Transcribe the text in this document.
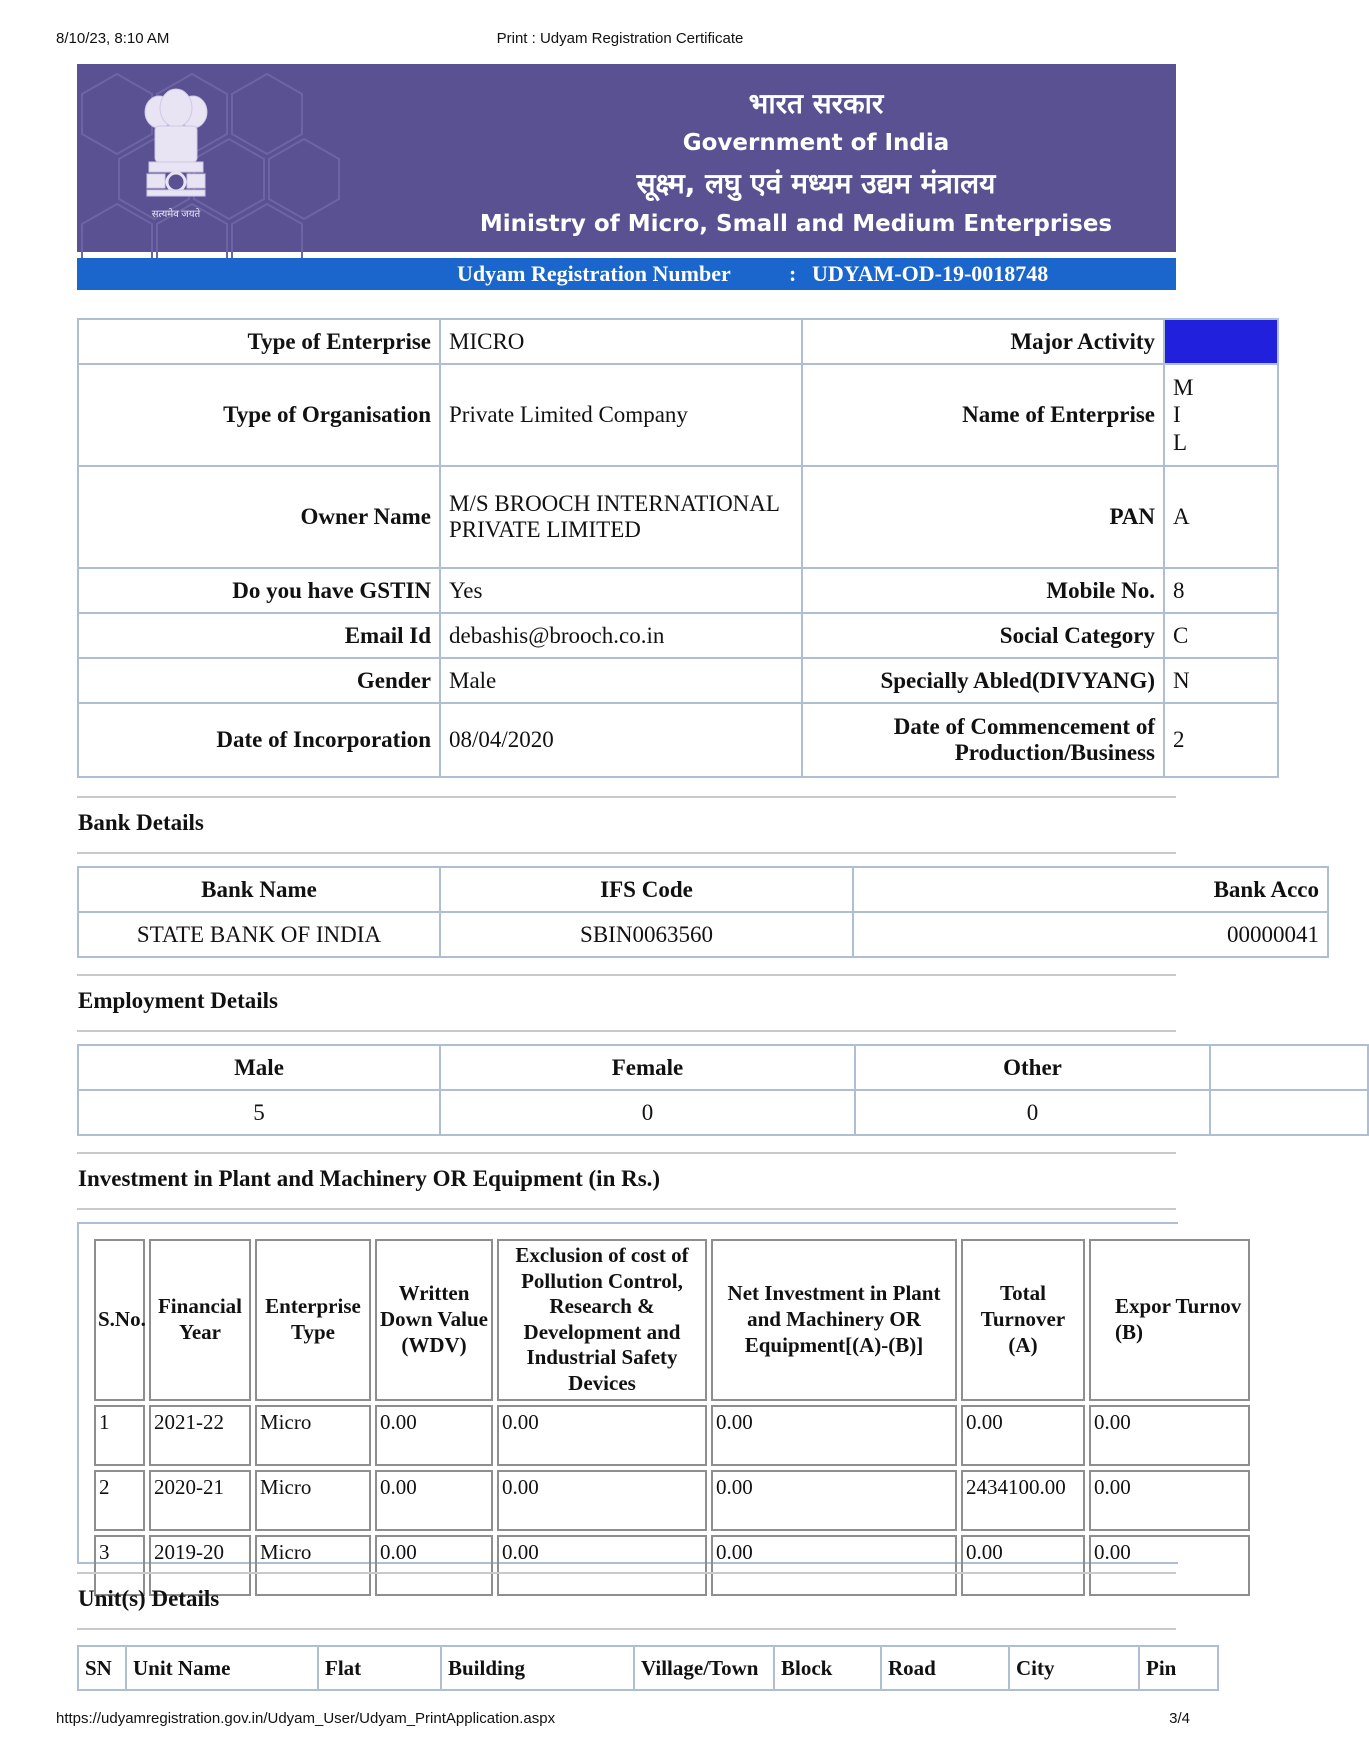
8/10/23, 8:10 AM	Print : Udyam Registration Certificate
सत्यमेव जयते
भारत सरकार
Government of India
सूक्ष्म, लघु एवं मध्यम उद्यम मंत्रालय
Ministry of Micro, Small and Medium Enterprises
Udyam Registration Number	: UDYAM-OD-19-0018748
Type of Enterprise	MICRO	Major Activity	
Type of Organisation	Private Limited Company	Name of Enterprise	M
I
L
Owner Name	M/S BROOCH INTERNATIONAL PRIVATE LIMITED	PAN	A
Do you have GSTIN	Yes	Mobile No.	8
Email Id	debashis@brooch.co.in	Social Category	C
Gender	Male	Specially Abled(DIVYANG)	N
Date of Incorporation	08/04/2020	Date of Commencement of Production/Business	2
Bank Details
Bank Name	IFS Code	Bank Acco
STATE BANK OF INDIA	SBIN0063560	00000041
Employment Details
Male	Female	Other	
5	0	0	
Investment in Plant and Machinery OR Equipment (in Rs.)
S.No.	Financial Year	Enterprise Type	Written Down Value (WDV)	Exclusion of cost of Pollution Control, Research & Development and Industrial Safety Devices	Net Investment in Plant and Machinery OR Equipment[(A)-(B)]	Total Turnover (A)	Expor Turnov (B)
1	2021-22	Micro	0.00	0.00	0.00	0.00	0.00
2	2020-21	Micro	0.00	0.00	0.00	2434100.00	0.00
3	2019-20	Micro	0.00	0.00	0.00	0.00	0.00
Unit(s) Details
SN	Unit Name	Flat	Building	Village/Town	Block	Road	City	Pin
https://udyamregistration.gov.in/Udyam_User/Udyam_PrintApplication.aspx	3/4
